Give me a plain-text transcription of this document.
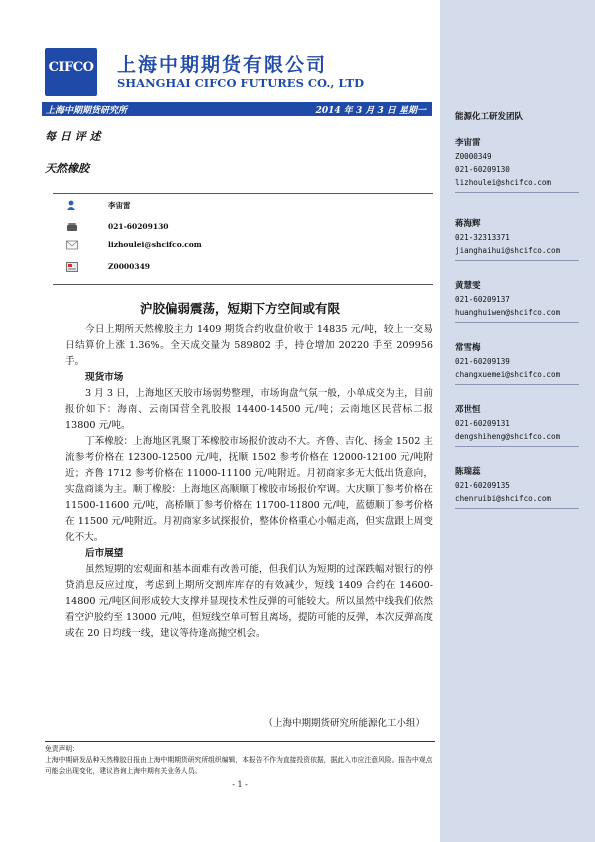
能源化工研发团队
李宙雷
Z0000349
021-60209130
lizhoulei@shcifco.com
蒋海辉
021-32313371
jianghaihui@shcifco.com
黄慧雯
021-60209137
huanghuiwen@shcifco.com
常雪梅
021-60209139
changxuemei@shcifco.com
邓世恒
021-60209131
dengshiheng@shcifco.com
陈瑞蕊
021-60209135
chenruibi@shcifco.com
CIFCO 上海中期期货有限公司
SHANGHAI CIFCO FUTURES CO., LTD
上海中期期货研究所	2014 年 3 月 3 日 星期一
每 日 评 述
天然橡胶
李宙雷
021-60209130
lizhoulei@shcifco.com
Z0000349
沪胶偏弱震荡，短期下方空间或有限

今日上期所天然橡胶主力 1409 期货合约收盘价收于 14835 元/吨，较上一交易日结算价上涨 1.36%。全天成交量为 589802 手，持仓增加 20220 手至 209956 手。

现货市场

3 月 3 日，上海地区天胶市场弱势整理，市场询盘气氛一般，小单成交为主，目前报价如下：海南、云南国营全乳胶报 14400-14500 元/吨；云南地区民营标二报 13800 元/吨。

丁苯橡胶：上海地区乳聚丁苯橡胶市场报价波动不大。齐鲁、吉化、扬金 1502 主流参考价格在 12300-12500 元/吨，抚顺 1502 参考价格在 12000-12100 元/吨附近；齐鲁 1712 参考价格在 11000-11100 元/吨附近。月初商家多无大低出货意向，实盘商谈为主。顺丁橡胶：上海地区高顺顺丁橡胶市场报价窄调。大庆顺丁参考价格在 11500-11600 元/吨，高桥顺丁参考价格在 11700-11800 元/吨，蓝德顺丁参考价格在 11500 元/吨附近。月初商家多试探报价，整体价格重心小幅走高，但实盘跟上周变化不大。

后市展望

虽然短期的宏观面和基本面难有改善可能，但我们认为短期的过深跌幅对银行的停贷消息反应过度，考虑到上期所交割库库存的有效减少，短线 1409 合约在 14600-14800 元/吨区间形成较大支撑并显现技术性反弹的可能较大。所以虽然中线我们依然看空沪胶约至 13000 元/吨，但短线空单可暂且离场，提防可能的反弹，本次反弹高度或在 20 日均线一线，建议等待逢高抛空机会。

（上海中期期货研究所能源化工小组）
免责声明：
上海中期研发品种天然橡胶日报由上海中期期货研究所组织编辑，本报告不作为直接投资依据，据此入市应注意风险。报告中观点可能会出现变化，建议咨询上海中期有关业务人员。
- 1 -
